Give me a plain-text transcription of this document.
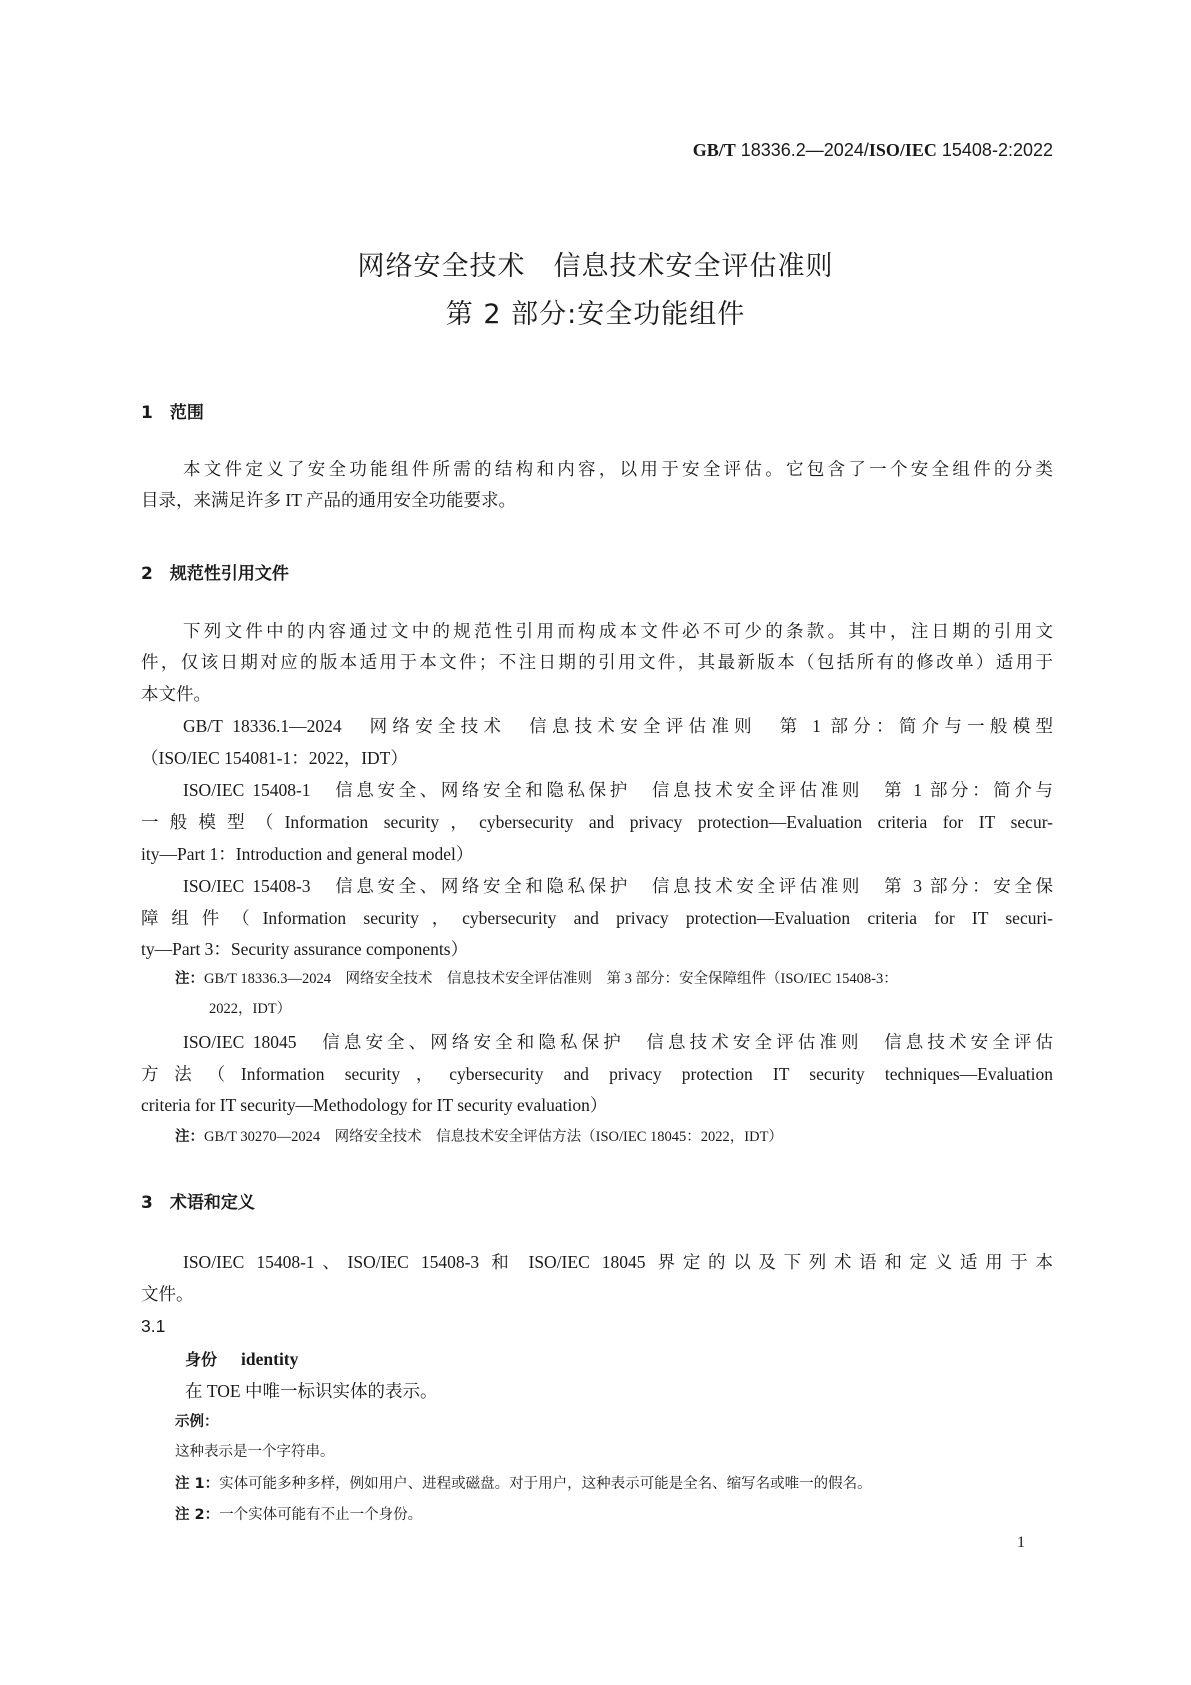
GB/T 18336.2—2024/ISO/IEC 15408-2:2022
网络安全技术　信息技术安全评估准则
第 2 部分:安全功能组件
1　范围
本文件定义了安全功能组件所需的结构和内容，以用于安全评估。它包含了一个安全组件的分类
目录，来满足许多 IT 产品的通用安全功能要求。
2　规范性引用文件
下列文件中的内容通过文中的规范性引用而构成本文件必不可少的条款。其中，注日期的引用文
件，仅该日期对应的版本适用于本文件；不注日期的引用文件，其最新版本（包括所有的修改单）适用于
本文件。
GB/T 18336.1—2024　网络安全技术　信息技术安全评估准则　第 1 部分：简介与一般模型
（ISO/IEC 154081-1：2022，IDT）
ISO/IEC 15408-1　信息安全、网络安全和隐私保护　信息技术安全评估准则　第 1 部分：简介与
一般模型（Information security，cybersecurity and privacy protection—Evaluation criteria for IT secur-
ity—Part 1：Introduction and general model）
ISO/IEC 15408-3　信息安全、网络安全和隐私保护　信息技术安全评估准则　第 3 部分：安全保
障组件（Information security，cybersecurity and privacy protection—Evaluation criteria for IT securi-
ty—Part 3：Security assurance components）
注：GB/T 18336.3—2024　网络安全技术　信息技术安全评估准则　第 3 部分：安全保障组件（ISO/IEC 15408-3：
2022，IDT）
ISO/IEC 18045　信息安全、网络安全和隐私保护　信息技术安全评估准则　信息技术安全评估
方法（Information security，cybersecurity and privacy protection IT security techniques—Evaluation
criteria for IT security—Methodology for IT security evaluation）
注：GB/T 30270—2024　网络安全技术　信息技术安全评估方法（ISO/IEC 18045：2022，IDT）
3　术语和定义
ISO/IEC 15408-1、ISO/IEC 15408-3 和 ISO/IEC 18045 界定的以及下列术语和定义适用于本
文件。
3.1
身份 identity
在 TOE 中唯一标识实体的表示。
示例：
这种表示是一个字符串。
注 1：实体可能多种多样，例如用户、进程或磁盘。对于用户，这种表示可能是全名、缩写名或唯一的假名。
注 2：一个实体可能有不止一个身份。
1
